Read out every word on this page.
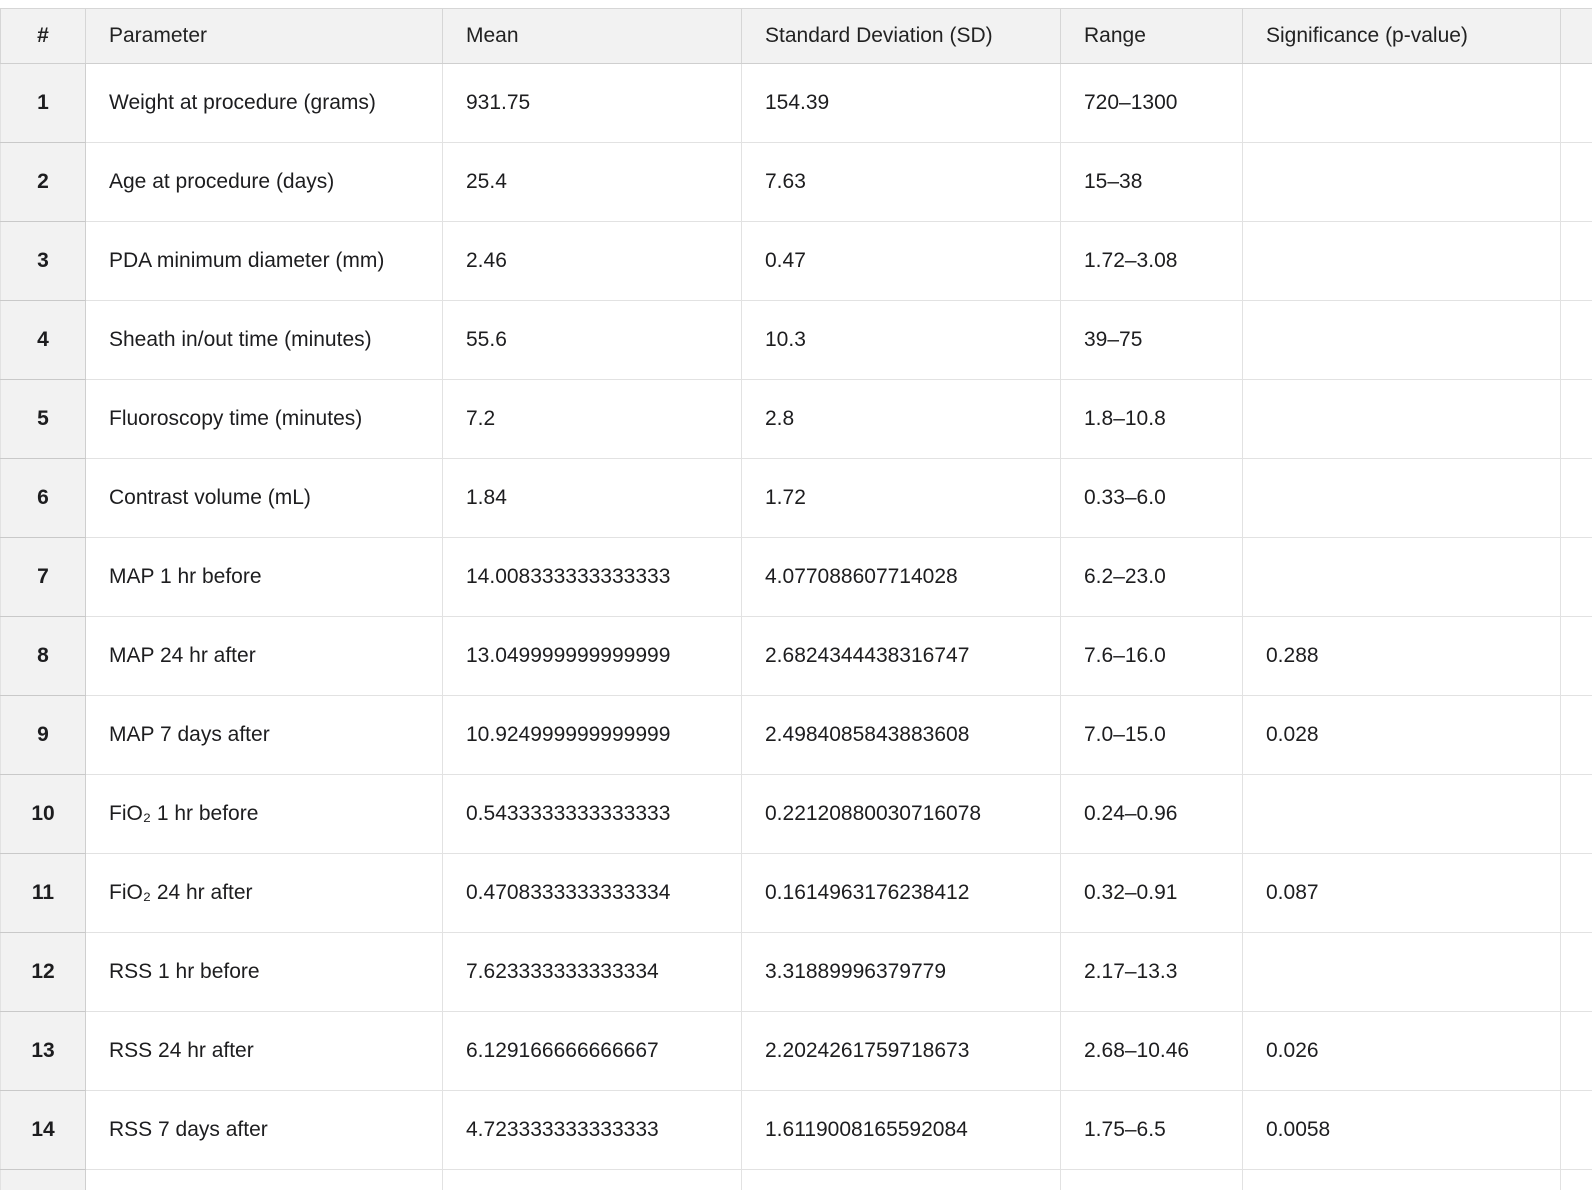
#	Parameter	Mean	Standard Deviation (SD)	Range	Significance (p-value)	
1	Weight at procedure (grams)	931.75	154.39	720–1300		
2	Age at procedure (days)	25.4	7.63	15–38		
3	PDA minimum diameter (mm)	2.46	0.47	1.72–3.08		
4	Sheath in/out time (minutes)	55.6	10.3	39–75		
5	Fluoroscopy time (minutes)	7.2	2.8	1.8–10.8		
6	Contrast volume (mL)	1.84	1.72	0.33–6.0		
7	MAP 1 hr before	14.008333333333333	4.077088607714028	6.2–23.0		
8	MAP 24 hr after	13.049999999999999	2.6824344438316747	7.6–16.0	0.288	
9	MAP 7 days after	10.924999999999999	2.4984085843883608	7.0–15.0	0.028	
10	FiO₂ 1 hr before	0.5433333333333333	0.22120880030716078	0.24–0.96		
11	FiO₂ 24 hr after	0.4708333333333334	0.1614963176238412	0.32–0.91	0.087	
12	RSS 1 hr before	7.623333333333334	3.31889996379779	2.17–13.3		
13	RSS 24 hr after	6.129166666666667	2.2024261759718673	2.68–10.46	0.026	
14	RSS 7 days after	4.723333333333333	1.6119008165592084	1.75–6.5	0.0058	
